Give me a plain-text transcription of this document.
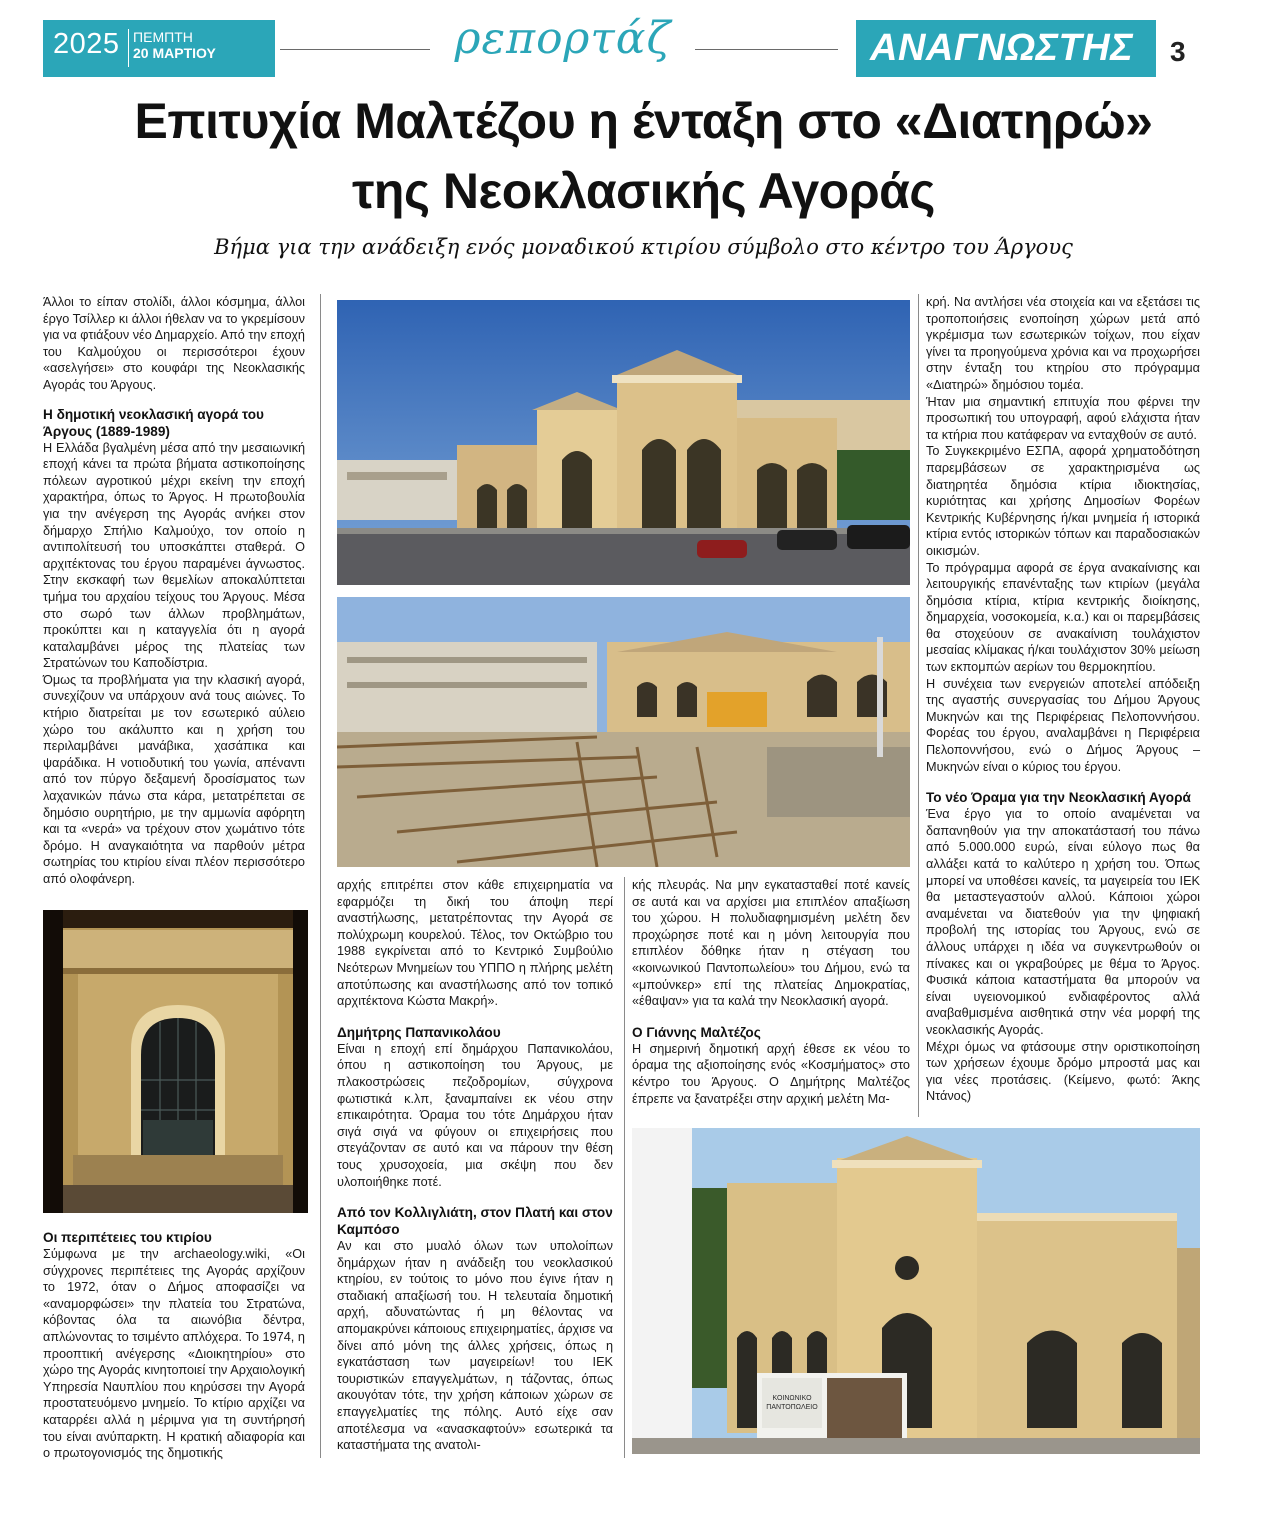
2025 ΠΕΜΠΤΗ
20 ΜΑΡΤΙΟΥ	ρεπορτάζ	ΑΝΑΓΝΩΣΤΗΣ	3
Επιτυχία Μαλτέζου η ένταξη στο «Διατηρώ»
της Νεοκλασικής Αγοράς
Βήμα για την ανάδειξη ενός μοναδικού κτιρίου σύμβολο στο κέντρο του Άργους

Άλλοι το είπαν στολίδι, άλλοι κόσμημα, άλλοι έργο Τσίλλερ κι άλλοι ήθελαν να το γκρεμίσουν για να φτιάξουν νέο Δημαρχείο. Από την εποχή του Καλμούχου οι περισσότεροι έχουν «ασελγήσει» στο κουφάρι της Νεοκλασικής Αγοράς του Άργους.

Η δημοτική νεοκλασική αγορά του Άργους (1889-1989)

Η Ελλάδα βγαλμένη μέσα από την μεσαιωνική εποχή κάνει τα πρώτα βήματα αστικοποίησης πόλεων αγροτικού μέχρι εκείνη την εποχή χαρακτήρα, όπως το Άργος. Η πρωτοβουλία για την ανέγερση της Αγοράς ανήκει στον δήμαρχο Σπήλιο Καλμούχο, τον οποίο η αντιπολίτευσή του υποσκάπτει σταθερά. Ο αρχιτέκτονας του έργου παραμένει άγνωστος. Στην εκσκαφή των θεμελίων αποκαλύπτεται τμήμα του αρχαίου τείχους του Άργους. Μέσα στο σωρό των άλλων προβλημάτων, προκύπτει και η καταγγελία ότι η αγορά καταλαμβάνει μέρος της πλατείας των Στρατώνων του Καποδίστρια.

Όμως τα προβλήματα για την κλασική αγορά, συνεχίζουν να υπάρχουν ανά τους αιώνες. Το κτήριο διατρείται με τον εσωτερικό αύλειο χώρο του ακάλυπτο και η χρήση του περιλαμβάνει μανάβικα, χασάπικα και ψαράδικα. Η νοτιοδυτική του γωνία, απέναντι από τον πύργο δεξαμενή δροσίσματος των λαχανικών πάνω στα κάρα, μετατρέπεται σε δημόσιο ουρητήριο, με την αμμωνία αφόρητη και τα «νερά» να τρέχουν στον χωμάτινο τότε δρόμο. Η αναγκαιότητα να παρθούν μέτρα σωτηρίας του κτιρίου είναι πλέον περισσότερο από ολοφάνερη.

Οι περιπέτειες του κτιρίου

Σύμφωνα με την archaeology.wiki, «Οι σύγχρονες περιπέτειες της Αγοράς αρχίζουν το 1972, όταν ο Δήμος αποφασίζει να «αναμορφώσει» την πλατεία του Στρατώνα, κόβοντας όλα τα αιωνόβια δέντρα, απλώνοντας το τσιμέντο απλόχερα. Το 1974, η προοπτική ανέγερσης «Διοικητηρίου» στο χώρο της Αγοράς κινητοποιεί την Αρχαιολογική Υπηρεσία Ναυπλίου που κηρύσσει την Αγορά προστατευόμενο μνημείο. Το κτίριο αρχίζει να καταρρέει αλλά η μέριμνα για τη συντήρησή του είναι ανύπαρκτη. Η κρατική αδιαφορία και ο πρωτογονισμός της δημοτικής

αρχής επιτρέπει στον κάθε επιχειρηματία να εφαρμόζει τη δική του άποψη περί αναστήλωσης, μετατρέποντας την Αγορά σε πολύχρωμη κουρελού. Τέλος, τον Οκτώβριο του 1988 εγκρίνεται από το Κεντρικό Συμβούλιο Νεότερων Μνημείων του ΥΠΠΟ η πλήρης μελέτη αποτύπωσης και αναστήλωσης από τον τοπικό αρχιτέκτονα Κώστα Μακρή».

Δημήτρης Παπανικολάου

Είναι η εποχή επί δημάρχου Παπανικολάου, όπου η αστικοποίηση του Άργους, με πλακοστρώσεις πεζοδρομίων, σύγχρονα φωτιστικά κ.λπ, ξαναμπαίνει εκ νέου στην επικαιρότητα. Όραμα του τότε Δημάρχου ήταν σιγά σιγά να φύγουν οι επιχειρήσεις που στεγάζονταν σε αυτό και να πάρουν την θέση τους χρυσοχοεία, μια σκέψη που δεν υλοποιήθηκε ποτέ.

Από τον Κολλιγλιάτη, στον Πλατή και στον Καμπόσο

Αν και στο μυαλό όλων των υπολοίπων δημάρχων ήταν η ανάδειξη του νεοκλασικού κτηρίου, εν τούτοις το μόνο που έγινε ήταν η σταδιακή απαξίωσή του. Η τελευταία δημοτική αρχή, αδυνατώντας ή μη θέλοντας να απομακρύνει κάποιους επιχειρηματίες, άρχισε να δίνει από μόνη της άλλες χρήσεις, όπως η εγκατάσταση των μαγειρείων! του ΙΕΚ τουριστικών επαγγελμάτων, η τάζοντας, όπως ακουγόταν τότε, την χρήση κάποιων χώρων σε επαγγελματίες της πόλης. Αυτό είχε σαν αποτέλεσμα να «ανασκαφτούν» εσωτερικά τα καταστήματα της ανατολι-

κής πλευράς. Να μην εγκατασταθεί ποτέ κανείς σε αυτά και να αρχίσει μια επιπλέον απαξίωση του χώρου. Η πολυδιαφημισμένη μελέτη δεν προχώρησε ποτέ και η μόνη λειτουργία που επιπλέον δόθηκε ήταν η στέγαση του «κοινωνικού Παντοπωλείου» του Δήμου, ενώ τα «μπούνκερ» επί της πλατείας Δημοκρατίας, «έθαψαν» για τα καλά την Νεοκλασική αγορά.

Ο Γιάννης Μαλτέζος

Η σημερινή δημοτική αρχή έθεσε εκ νέου το όραμα της αξιοποίησης ενός «Κοσμήματος» στο κέντρο του Άργους. Ο Δημήτρης Μαλτέζος έπρεπε να ξανατρέξει στην αρχική μελέτη Μα-

κρή. Να αντλήσει νέα στοιχεία και να εξετάσει τις τροποποιήσεις ενοποίηση χώρων μετά από γκρέμισμα των εσωτερικών τοίχων, που είχαν γίνει τα προηγούμενα χρόνια και να προχωρήσει στην ένταξη του κτηρίου στο πρόγραμμα «Διατηρώ» δημόσιου τομέα.

Ήταν μια σημαντική επιτυχία που φέρνει την προσωπική του υπογραφή, αφού ελάχιστα ήταν τα κτήρια που κατάφεραν να ενταχθούν σε αυτό.

Το Συγκεκριμένο ΕΣΠΑ, αφορά χρηματοδότηση παρεμβάσεων σε χαρακτηρισμένα ως διατηρητέα δημόσια κτίρια ιδιοκτησίας, κυριότητας και χρήσης Δημοσίων Φορέων Κεντρικής Κυβέρνησης ή/και μνημεία ή ιστορικά κτίρια εντός ιστορικών τόπων και παραδοσιακών οικισμών.

Το πρόγραμμα αφορά σε έργα ανακαίνισης και λειτουργικής επανένταξης των κτιρίων (μεγάλα δημόσια κτίρια, κτίρια κεντρικής διοίκησης, δημαρχεία, νοσοκομεία, κ.α.) και οι παρεμβάσεις θα στοχεύουν σε ανακαίνιση τουλάχιστον μεσαίας κλίμακας ή/και τουλάχιστον 30% μείωση των εκπομπών αερίων του θερμοκηπίου.

Η συνέχεια των ενεργειών αποτελεί απόδειξη της αγαστής συνεργασίας του Δήμου Άργους Μυκηνών και της Περιφέρειας Πελοποννήσου. Φορέας του έργου, αναλαμβάνει η Περιφέρεια Πελοποννήσου, ενώ ο Δήμος Άργους – Μυκηνών είναι ο κύριος του έργου.

Το νέο Όραμα για την Νεοκλασική Αγορά

Ένα έργο για το οποίο αναμένεται να δαπανηθούν για την αποκατάστασή του πάνω από 5.000.000 ευρώ, είναι εύλογο πως θα αλλάξει κατά το καλύτερο η χρήση του. Όπως μπορεί να υποθέσει κανείς, τα μαγειρεία του ΙΕΚ θα μεταστεγαστούν αλλού. Κάποιοι χώροι αναμένεται να διατεθούν για την ψηφιακή προβολή της ιστορίας του Άργους, ενώ σε άλλους υπάρχει η ιδέα να συγκεντρωθούν οι πίνακες και οι γκραβούρες με θέμα το Άργος. Φυσικά κάποια καταστήματα θα μπορούν να είναι υγειονομικού ενδιαφέροντος αλλά αναβαθμισμένα αισθητικά στην νέα μορφή της νεοκλασικής Αγοράς.

Μέχρι όμως να φτάσουμε στην οριστικοποίηση των χρήσεων έχουμε δρόμο μπροστά μας και για νέες προτάσεις. (Κείμενο, φωτό: Άκης Ντάνος)

ΚΟΙΝΩΝΙΚΟ
ΠΑΝΤΟΠΩΛΕΙΟ
